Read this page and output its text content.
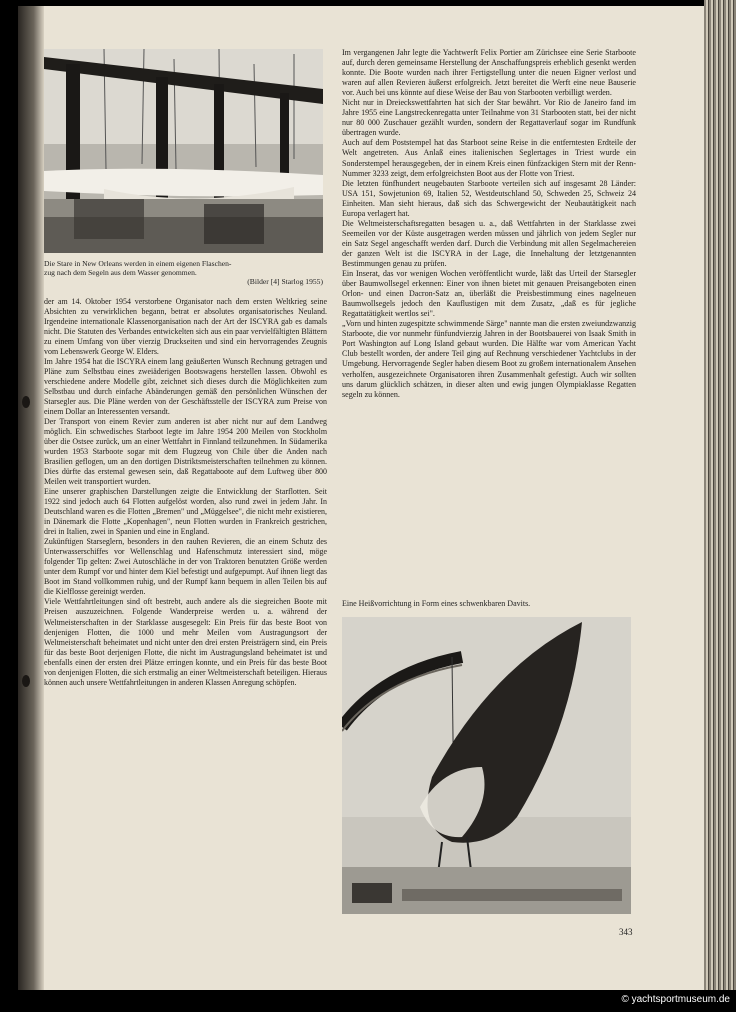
Die Stare in New Orleans werden in einem eigenen Flaschen-
zug nach dem Segeln aus dem Wasser genommen.
(Bilder [4] Starlog 1955)

der am 14. Oktober 1954 verstorbene Organisator nach dem ersten Weltkrieg seine Absichten zu verwirklichen begann, betrat er absolutes organisatorisches Neuland. Irgendeine internationale Klassenorganisation nach der Art der ISCYRA gab es damals nicht. Die Statuten des Verbandes entwickelten sich aus ein paar vervielfältigten Blättern zu einem Umfang von über vierzig Druckseiten und sind ein hervorragendes Zeugnis vom Lebenswerk George W. Elders.

Im Jahre 1954 hat die ISCYRA einem lang geäußerten Wunsch Rechnung getragen und Pläne zum Selbstbau eines zweiäderigen Bootswagens herstellen lassen. Obwohl es verschiedene andere Modelle gibt, zeichnet sich dieses durch die Möglichkeiten zum Selbstbau und durch einfache Abänderungen gemäß den persönlichen Wünschen der Starsegler aus. Die Pläne werden von der Geschäftsstelle der ISCYRA zum Preise von einem Dollar an Interessenten versandt.

Der Transport von einem Revier zum anderen ist aber nicht nur auf dem Landweg möglich. Ein schwedisches Starboot legte im Jahre 1954 200 Meilen von Stockholm über die Ostsee zurück, um an einer Wettfahrt in Finnland teilzunehmen. In Südamerika wurden 1953 Starboote sogar mit dem Flugzeug von Chile über die Anden nach Brasilien geflogen, um an den dortigen Distriktsmeisterschaften teilnehmen zu können. Dies dürfte das erstemal gewesen sein, daß Regattaboote auf dem Luftweg über 800 Meilen weit transportiert wurden.

Eine unserer graphischen Darstellungen zeigte die Entwicklung der Starflotten. Seit 1922 sind jedoch auch 64 Flotten aufgelöst worden, also rund zwei in jedem Jahr. In Deutschland waren es die Flotten „Bremen" und „Müggelsee", die nicht mehr existieren, in Dänemark die Flotte „Kopenhagen", neun Flotten wurden in Frankreich gestrichen, drei in Italien, zwei in Spanien und eine in England.

Zukünftigen Starseglern, besonders in den rauhen Revieren, die an einem Schutz des Unterwasserschiffes vor Wellenschlag und Hafenschmutz interessiert sind, möge folgender Tip gelten: Zwei Autoschläche in der von Traktoren benutzten Größe werden unter dem Rumpf vor und hinter dem Kiel befestigt und aufgepumpt. Auf ihnen liegt das Boot im Stand vollkommen ruhig, und der Rumpf kann bequem in allen Teilen bis auf die Kielflosse gereinigt werden.

Viele Wettfahrtleitungen sind oft bestrebt, auch andere als die siegreichen Boote mit Preisen auszuzeichnen. Folgende Wanderpreise werden u. a. während der Weltmeisterschaften in der Starklasse ausgesegelt: Ein Preis für das beste Boot von denjenigen Flotten, die 1000 und mehr Meilen vom Austragungsort der Weltmeisterschaft beheimatet und nicht unter den drei ersten Preisträgern sind, ein Preis für das beste Boot derjenigen Flotte, die nicht im Austragungsland beheimatet ist und ebenfalls einen der ersten drei Plätze erringen konnte, und ein Preis für das beste Boot von denjenigen Flotten, die sich erstmalig an einer Weltmeisterschaft beteiligen. Hieraus können auch unsere Wettfahrtleitungen in anderen Klassen Anregung schöpfen.

Im vergangenen Jahr legte die Yachtwerft Felix Portier am Zürichsee eine Serie Starboote auf, durch deren gemeinsame Herstellung der Anschaffungspreis erheblich gesenkt werden konnte. Die Boote wurden nach ihrer Fertigstellung unter die neuen Eigner verlost und waren auf allen Revieren äußerst erfolgreich. Jetzt bereitet die Werft eine neue Bauserie vor. Auch bei uns könnte auf diese Weise der Bau von Starbooten verbilligt werden.

Nicht nur in Dreieckswettfahrten hat sich der Star bewährt. Vor Rio de Janeiro fand im Jahre 1955 eine Langstreckenregatta unter Teilnahme von 31 Starbooten statt, bei der nicht nur 80 000 Zuschauer gezählt wurden, sondern der Regattaverlauf sogar im Rundfunk übertragen wurde.

Auch auf dem Poststempel hat das Starboot seine Reise in die entferntesten Erdteile der Welt angetreten. Aus Anlaß eines italienischen Seglertages in Triest wurde ein Sonderstempel herausgegeben, der in einem Kreis einen fünfzackigen Stern mit der Renn-Nummer 3233 zeigt, dem erfolgreichsten Boot aus der Flotte von Triest.

Die letzten fünfhundert neugebauten Starboote verteilen sich auf insgesamt 28 Länder: USA 151, Sowjetunion 69, Italien 52, Westdeutschland 50, Schweden 25, Schweiz 24 Einheiten. Man sieht hieraus, daß sich das Schwergewicht der Neubautätigkeit nach Europa verlagert hat.

Die Weltmeisterschaftsregatten besagen u. a., daß Wettfahrten in der Starklasse zwei Seemeilen vor der Küste ausgetragen werden müssen und jährlich von jedem Segler nur ein Satz Segel angeschafft werden darf. Durch die Verbindung mit allen Segelmachereien der ganzen Welt ist die ISCYRA in der Lage, die Innehaltung der letztgenannten Bestimmungen genau zu prüfen.

Ein Inserat, das vor wenigen Wochen veröffentlicht wurde, läßt das Urteil der Starsegler über Baumwollsegel erkennen: Einer von ihnen bietet mit genauen Preisangeboten einen Orlon- und einen Dacron-Satz an, überläßt die Preisbestimmung eines nagelneuen Baumwollsegels jedoch den Kauflustigen mit dem Zusatz, „daß es für jegliche Regattatätigkeit wertlos sei".

„Vorn und hinten zugespitzte schwimmende Särge" nannte man die ersten zweiundzwanzig Starboote, die vor nunmehr fünfundvierzig Jahren in der Bootsbauerei von Isaak Smith in Port Washington auf Long Island gebaut wurden. Die Hälfte war vom American Yacht Club bestellt worden, der andere Teil ging auf Rechnung verschiedener Yachtclubs in der Umgebung. Hervorragende Segler haben diesem Boot zu großem internationalem Ansehen verholfen, ausgezeichnete Organisatoren ihren Zusammenhalt gefestigt. Auch wir sollten uns darum glücklich schätzen, in dieser alten und ewig jungen Olympiaklasse Regatten segeln zu können.

Eine Heißvorrichtung in Form eines schwenkbaren Davits.
343
© yachtsportmuseum.de
